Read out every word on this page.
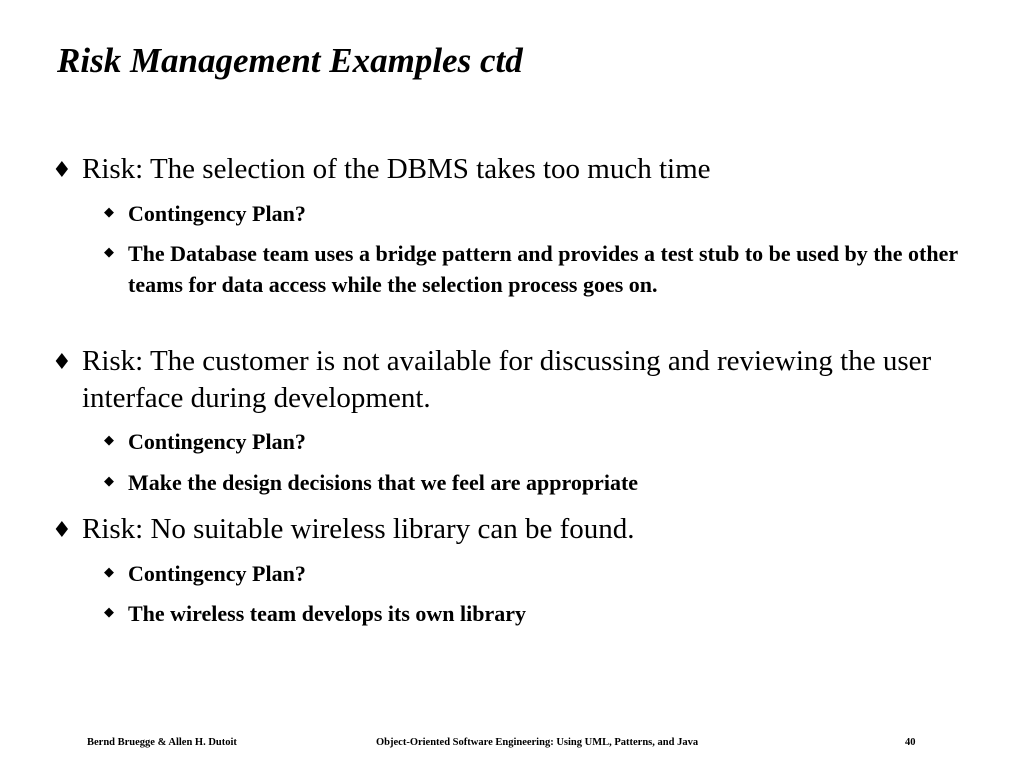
Risk Management Examples ctd
♦ Risk: The selection of the DBMS takes too much time
◆ Contingency Plan?
◆ The Database team uses a bridge pattern and provides a test stub to be used by the other teams for data access while the selection process goes on.
♦ Risk: The customer is not available for discussing and reviewing the user interface during development.
◆ Contingency Plan?
◆ Make the design decisions that we feel are appropriate
♦ Risk: No suitable wireless library can be found.
◆ Contingency Plan?
◆ The wireless team develops its own library
Bernd Bruegge & Allen H. Dutoit	Object-Oriented Software Engineering: Using UML, Patterns, and Java	40
